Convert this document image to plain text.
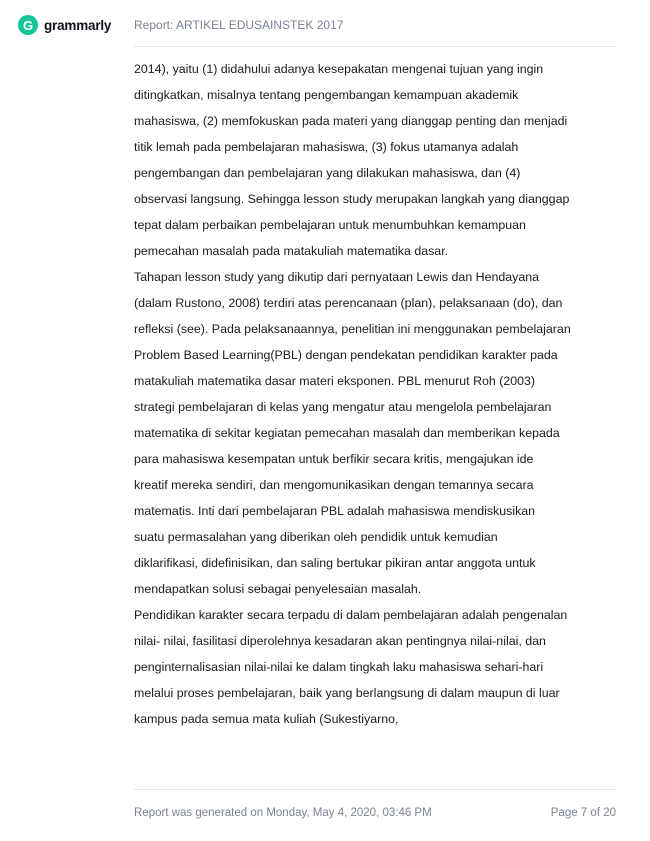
G grammarly Report: ARTIKEL EDUSAINSTEK 2017
2014), yaitu (1) didahului adanya kesepakatan mengenai tujuan yang ingin
ditingkatkan, misalnya tentang pengembangan kemampuan akademik
mahasiswa, (2) memfokuskan pada materi yang dianggap penting dan menjadi
titik lemah pada pembelajaran mahasiswa, (3) fokus utamanya adalah
pengembangan dan pembelajaran yang dilakukan mahasiswa, dan (4)
observasi langsung. Sehingga lesson study merupakan langkah yang dianggap
tepat dalam perbaikan pembelajaran untuk menumbuhkan kemampuan
pemecahan masalah pada matakuliah matematika dasar.
Tahapan lesson study yang dikutip dari pernyataan Lewis dan Hendayana
(dalam Rustono, 2008) terdiri atas perencanaan (plan), pelaksanaan (do), dan
refleksi (see). Pada pelaksanaannya, penelitian ini menggunakan pembelajaran
Problem Based Learning(PBL) dengan pendekatan pendidikan karakter pada
matakuliah matematika dasar materi eksponen. PBL menurut Roh (2003)
strategi pembelajaran di kelas yang mengatur atau mengelola pembelajaran
matematika di sekitar kegiatan pemecahan masalah dan memberikan kepada
para mahasiswa kesempatan untuk berfikir secara kritis, mengajukan ide
kreatif mereka sendiri, dan mengomunikasikan dengan temannya secara
matematis. Inti dari pembelajaran PBL adalah mahasiswa mendiskusikan
suatu permasalahan yang diberikan oleh pendidik untuk kemudian
diklarifikasi, didefinisikan, dan saling bertukar pikiran antar anggota untuk
mendapatkan solusi sebagai penyelesaian masalah.
Pendidikan karakter secara terpadu di dalam pembelajaran adalah pengenalan
nilai- nilai, fasilitasi diperolehnya kesadaran akan pentingnya nilai-nilai, dan
penginternalisasian nilai-nilai ke dalam tingkah laku mahasiswa sehari-hari
melalui proses pembelajaran, baik yang berlangsung di dalam maupun di luar
kampus pada semua mata kuliah (Sukestiyarno,
Report was generated on Monday, May 4, 2020, 03:46 PM	Page 7 of 20
